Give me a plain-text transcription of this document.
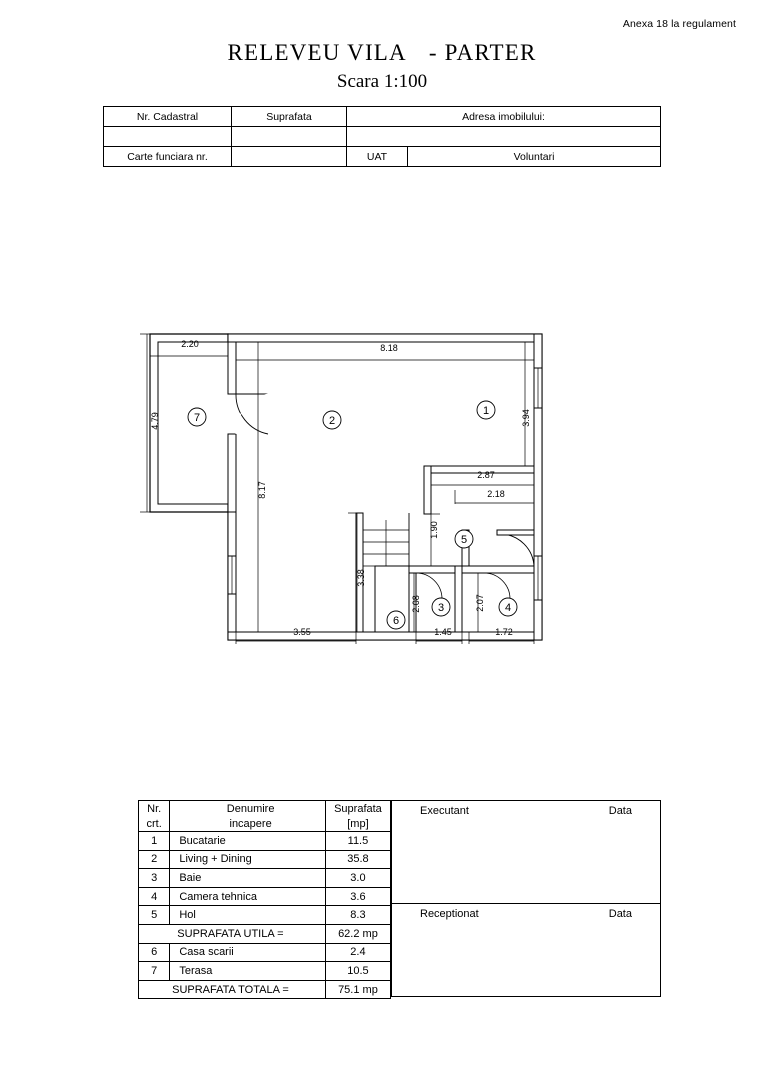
Anexa 18 la regulament
RELEVEU VILA - PARTER
Scara 1:100
Nr. Cadastral	Suprafata	Adresa imobilului:	

Carte funciara nr.		UAT	Voluntari
1
2
3	4
5
6
7
2.20	8.18
4.79	3.94
8.17
2.87
2.18
1.90
3.38
2.08	2.07
3.55	1.45	1.72
Nr.	Denumire	Suprafata
crt.	incapere	[mp]
1	Bucatarie	11.5
2	Living + Dining	35.8
3	Baie	3.0
4	Camera tehnica	3.6
5	Hol	8.3
SUPRAFATA UTILA =		62.2 mp
6	Casa scarii	2.4
7	Terasa	10.5
SUPRAFATA TOTALA =		75.1 mp
Executant	Data

Receptionat	Data
